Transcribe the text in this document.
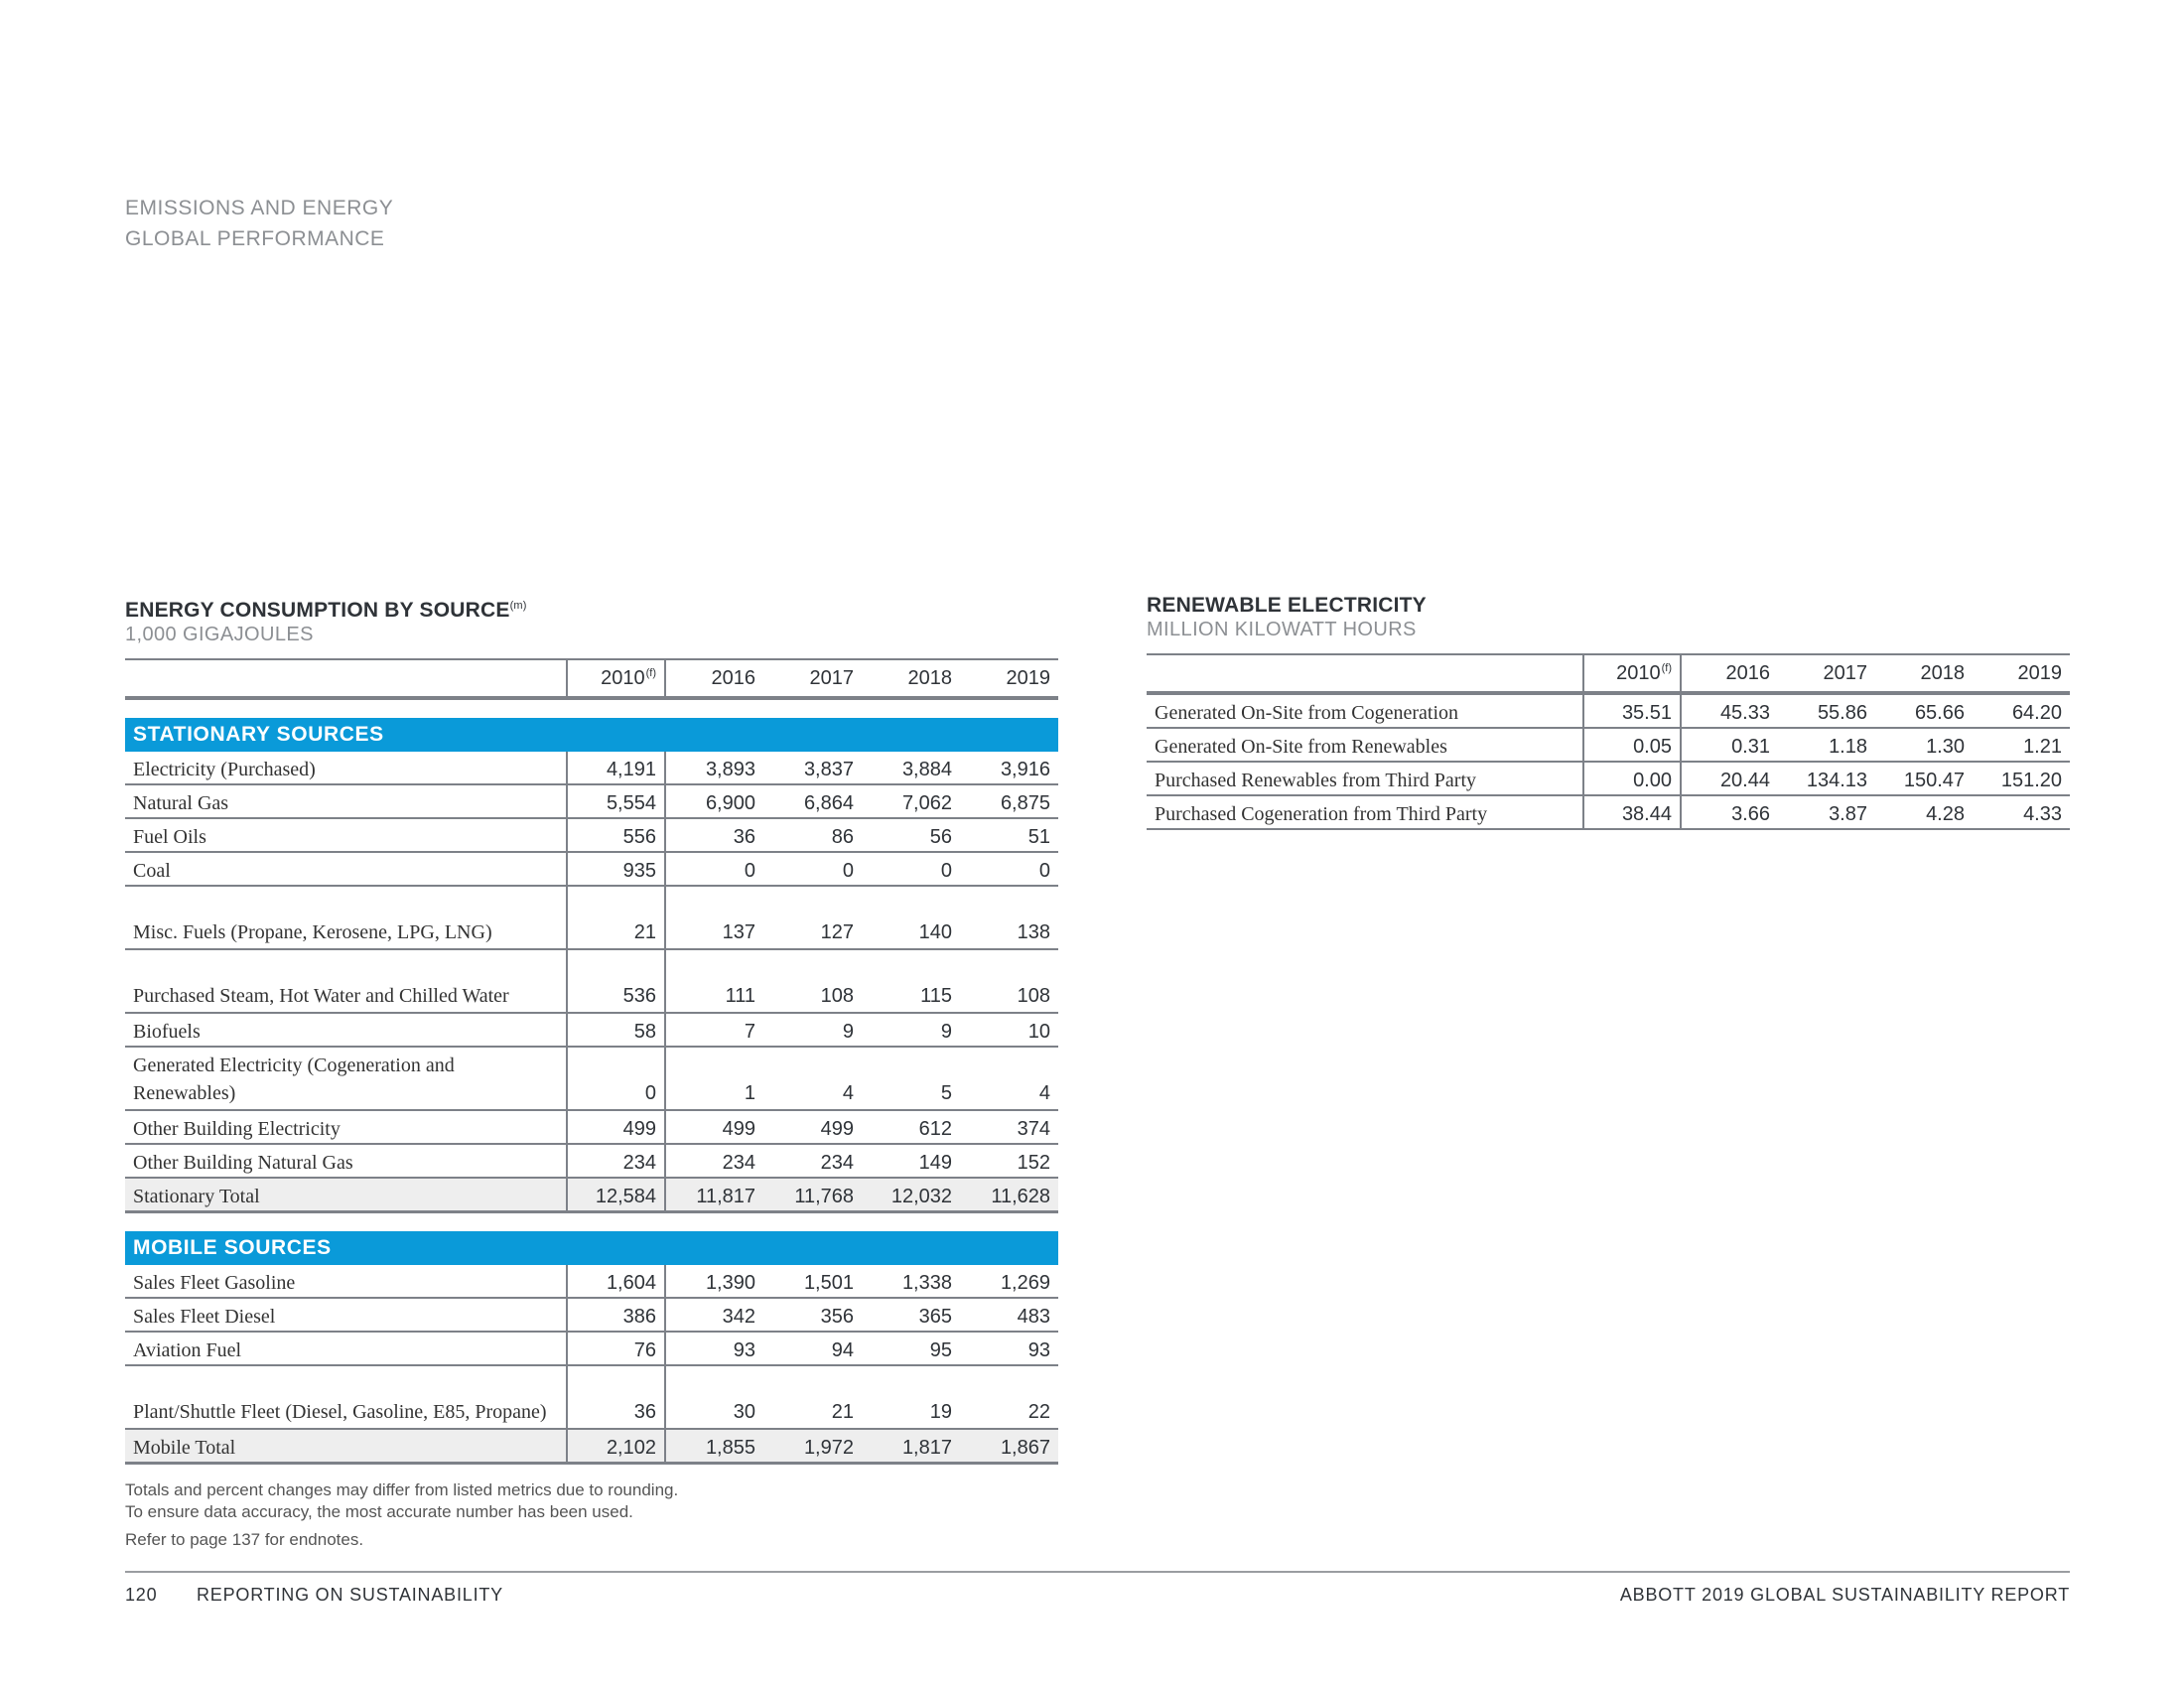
EMISSIONS AND ENERGY
GLOBAL PERFORMANCE
ENERGY CONSUMPTION BY SOURCE$^{(m)}$
1,000 GIGAJOULES
	2010$^{(f)}$	2016	2017	2018	2019

STATIONARY SOURCES					
Electricity (Purchased)	4,191	3,893	3,837	3,884	3,916
Natural Gas	5,554	6,900	6,864	7,062	6,875
Fuel Oils	556	36	86	56	51
Coal	935	0	0	0	0
Misc. Fuels (Propane, Kerosene, LPG, LNG)	21	137	127	140	138
Purchased Steam, Hot Water and Chilled Water	536	111	108	115	108
Biofuels	58	7	9	9	10
Generated Electricity (Cogeneration and Renewables)	0	1	4	5	4
Other Building Electricity	499	499	499	612	374
Other Building Natural Gas	234	234	234	149	152
Stationary Total	12,584	11,817	11,768	12,032	11,628

MOBILE SOURCES					
Sales Fleet Gasoline	1,604	1,390	1,501	1,338	1,269
Sales Fleet Diesel	386	342	356	365	483
Aviation Fuel	76	93	94	95	93
Plant/Shuttle Fleet (Diesel, Gasoline, E85, Propane)	36	30	21	19	22
Mobile Total	2,102	1,855	1,972	1,817	1,867
RENEWABLE ELECTRICITY
MILLION KILOWATT HOURS
	2010$^{(f)}$	2016	2017	2018	2019
Generated On-Site from Cogeneration	35.51	45.33	55.86	65.66	64.20
Generated On-Site from Renewables	0.05	0.31	1.18	1.30	1.21
Purchased Renewables from Third Party	0.00	20.44	134.13	150.47	151.20
Purchased Cogeneration from Third Party	38.44	3.66	3.87	4.28	4.33
Totals and percent changes may differ from listed metrics due to rounding.
To ensure data accuracy, the most accurate number has been used.
Refer to page 137 for endnotes.
120 REPORTING ON SUSTAINABILITY	ABBOTT 2019 GLOBAL SUSTAINABILITY REPORT
